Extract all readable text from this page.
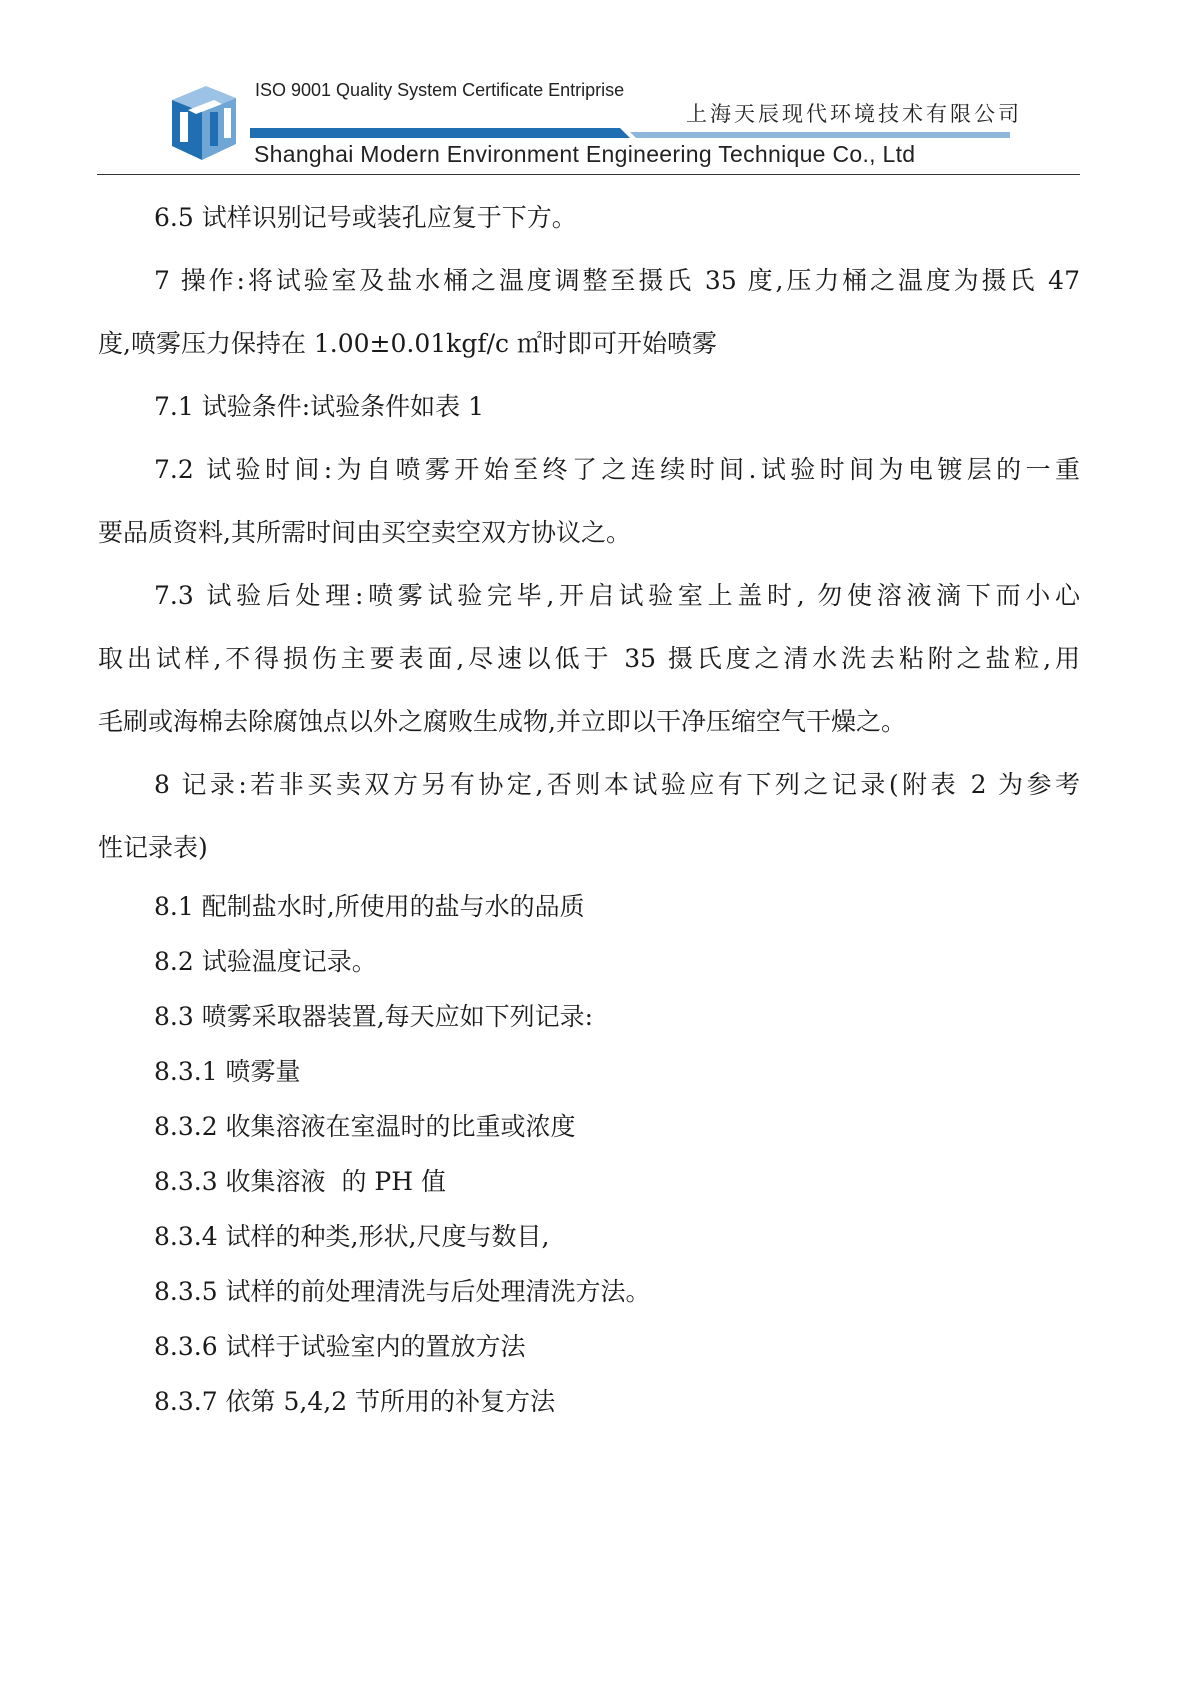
ISO 9001 Quality System Certificate Entriprise
上海天辰现代环境技术有限公司
Shanghai Modern Environment Engineering Technique Co., Ltd

6.5 试样识别记号或装孔应复于下方。

7 操作:将试验室及盐水桶之温度调整至摄氏 35 度,压力桶之温度为摄氏 47

度,喷雾压力保持在 1.00±0.01kgf/c ㎡时即可开始喷雾

7.1 试验条件:试验条件如表 1

7.2 试验时间:为自喷雾开始至终了之连续时间.试验时间为电镀层的一重

要品质资料,其所需时间由买空卖空双方协议之。

7.3 试验后处理:喷雾试验完毕,开启试验室上盖时, 勿使溶液滴下而小心

取出试样,不得损伤主要表面,尽速以低于 35 摄氏度之清水洗去粘附之盐粒,用

毛刷或海棉去除腐蚀点以外之腐败生成物,并立即以干净压缩空气干燥之。

8 记录:若非买卖双方另有协定,否则本试验应有下列之记录(附表 2 为参考

性记录表)

8.1 配制盐水时,所使用的盐与水的品质

8.2 试验温度记录。

8.3 喷雾采取器装置,每天应如下列记录:

8.3.1 喷雾量

8.3.2 收集溶液在室温时的比重或浓度

8.3.3 收集溶液  的 PH 值

8.3.4 试样的种类,形状,尺度与数目,

8.3.5 试样的前处理清洗与后处理清洗方法。

8.3.6 试样于试验室内的置放方法

8.3.7 依第 5,4,2 节所用的补复方法
